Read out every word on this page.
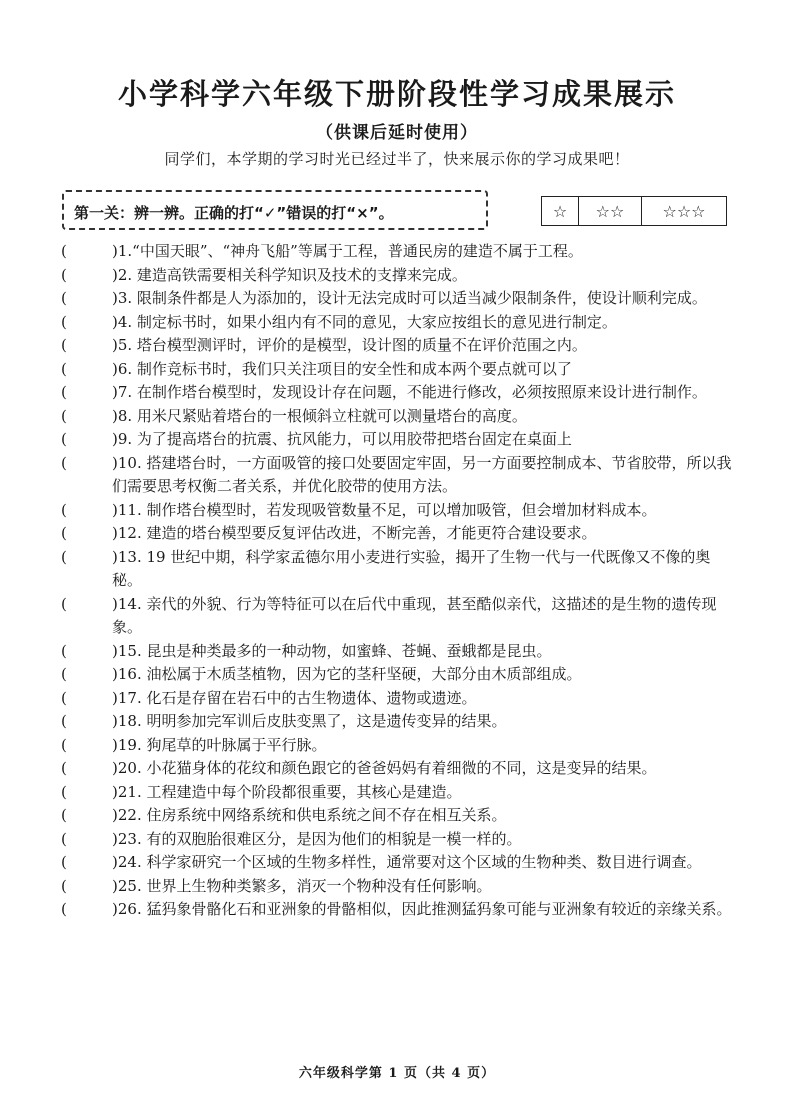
小学科学六年级下册阶段性学习成果展示
（供课后延时使用）
同学们，本学期的学习时光已经过半了，快来展示你的学习成果吧！
第一关：辨一辨。正确的打“✓”错误的打“×”。	☆	☆☆	☆☆☆
(	)1.“中国天眼”、“神舟飞船”等属于工程，普通民房的建造不属于工程。
(	)2. 建造高铁需要相关科学知识及技术的支撑来完成。
(	)3. 限制条件都是人为添加的，设计无法完成时可以适当减少限制条件，使设计顺利完成。
(	)4. 制定标书时，如果小组内有不同的意见，大家应按组长的意见进行制定。
(	)5. 塔台模型测评时，评价的是模型，设计图的质量不在评价范围之内。
(	)6. 制作竞标书时，我们只关注项目的安全性和成本两个要点就可以了
(	)7. 在制作塔台模型时，发现设计存在问题，不能进行修改，必须按照原来设计进行制作。
(	)8. 用米尺紧贴着塔台的一根倾斜立柱就可以测量塔台的高度。
(	)9. 为了提高塔台的抗震、抗风能力，可以用胶带把塔台固定在桌面上
(	)10. 搭建塔台时，一方面吸管的接口处要固定牢固，另一方面要控制成本、节省胶带，所以我们需要思考权衡二者关系，并优化胶带的使用方法。
(	)11. 制作塔台模型时，若发现吸管数量不足，可以增加吸管，但会增加材料成本。
(	)12. 建造的塔台模型要反复评估改进，不断完善，才能更符合建设要求。
(	)13. 19 世纪中期，科学家孟德尔用小麦进行实验，揭开了生物一代与一代既像又不像的奥秘。
(	)14. 亲代的外貌、行为等特征可以在后代中重现，甚至酷似亲代，这描述的是生物的遗传现象。
(	)15. 昆虫是种类最多的一种动物，如蜜蜂、苍蝇、蚕蛾都是昆虫。
(	)16. 油松属于木质茎植物，因为它的茎秆坚硬，大部分由木质部组成。
(	)17. 化石是存留在岩石中的古生物遗体、遗物或遗迹。
(	)18. 明明参加完军训后皮肤变黑了，这是遗传变异的结果。
(	)19. 狗尾草的叶脉属于平行脉。
(	)20. 小花猫身体的花纹和颜色跟它的爸爸妈妈有着细微的不同，这是变异的结果。
(	)21. 工程建造中每个阶段都很重要，其核心是建造。
(	)22. 住房系统中网络系统和供电系统之间不存在相互关系。
(	)23. 有的双胞胎很难区分，是因为他们的相貌是一模一样的。
(	)24. 科学家研究一个区域的生物多样性，通常要对这个区域的生物种类、数目进行调查。
(	)25. 世界上生物种类繁多，消灭一个物种没有任何影响。
(	)26. 猛犸象骨骼化石和亚洲象的骨骼相似，因此推测猛犸象可能与亚洲象有较近的亲缘关系。
六年级科学第 1 页（共 4 页）
